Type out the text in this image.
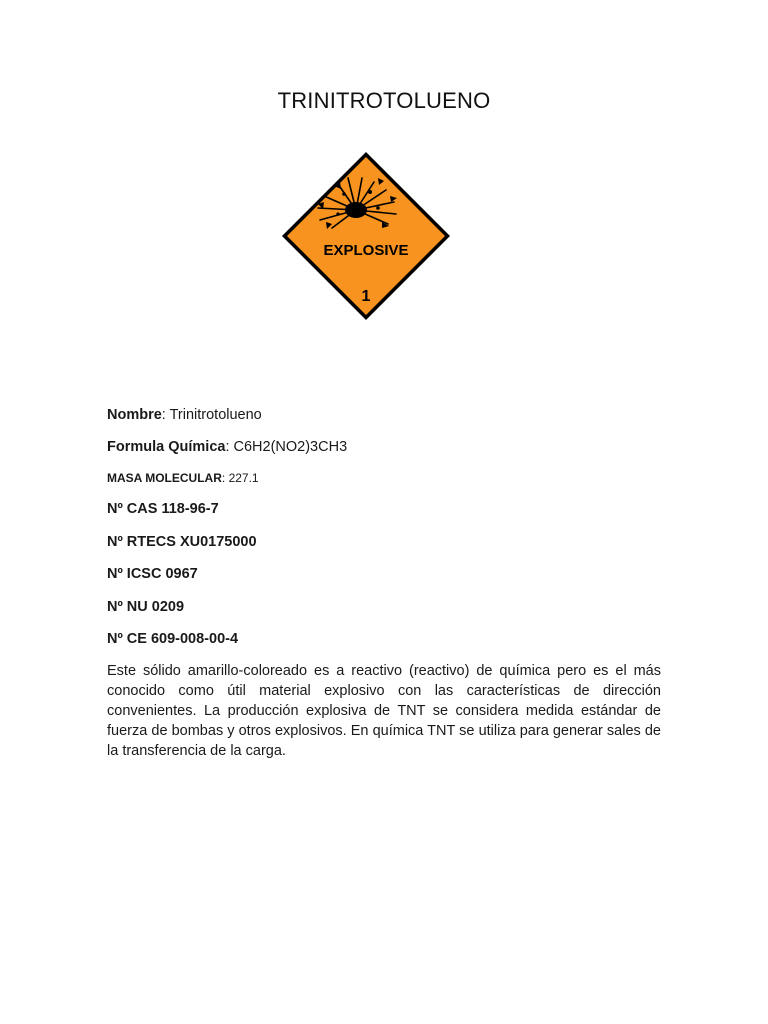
TRINITROTOLUENO
EXPLOSIVE
1
Nombre: Trinitrotolueno
Formula Química: C6H2(NO2)3CH3
MASA MOLECULAR: 227.1
Nº CAS 118-96-7
Nº RTECS XU0175000
Nº ICSC 0967
Nº NU 0209
Nº CE 609-008-00-4
Este sólido amarillo-coloreado es a reactivo (reactivo) de química pero es el más conocido como útil material explosivo con las características de dirección convenientes. La producción explosiva de TNT se considera medida estándar de fuerza de bombas y otros explosivos. En química TNT se utiliza para generar sales de la transferencia de la carga.
